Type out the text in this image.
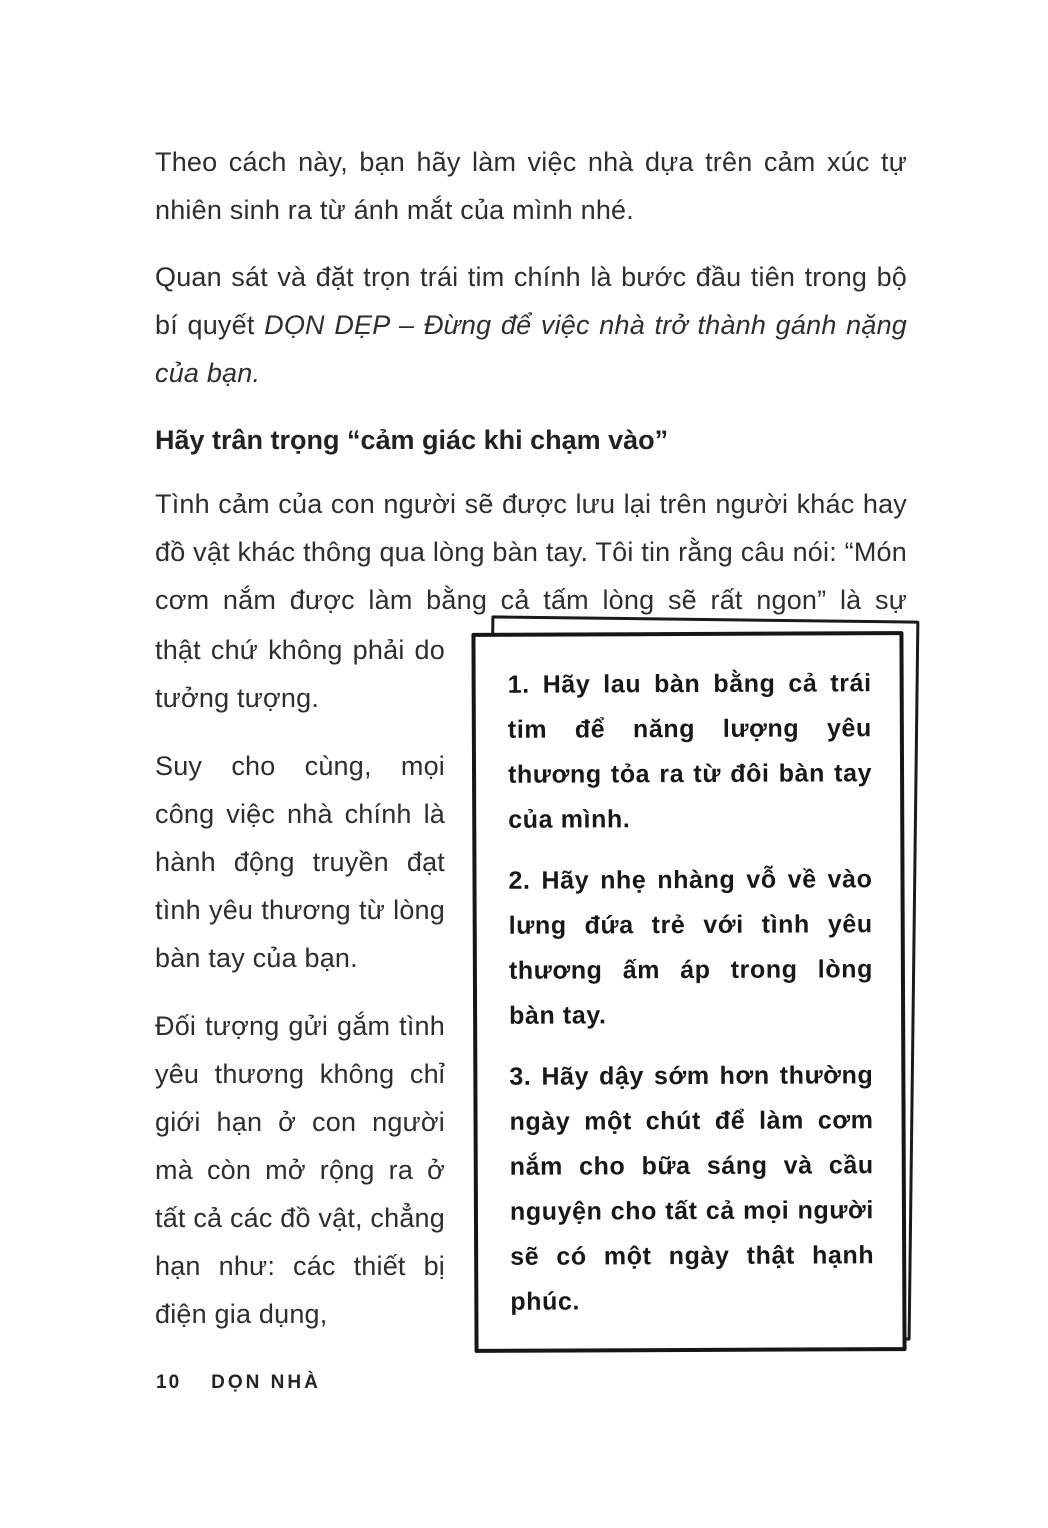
Theo cách này, bạn hãy làm việc nhà dựa trên cảm xúc tự nhiên sinh ra từ ánh mắt của mình nhé.

Quan sát và đặt trọn trái tim chính là bước đầu tiên trong bộ bí quyết DỌN DẸP – Đừng để việc nhà trở thành gánh nặng của bạn.

Hãy trân trọng “cảm giác khi chạm vào”

Tình cảm của con người sẽ được lưu lại trên người khác hay đồ vật khác thông qua lòng bàn tay. Tôi tin rằng câu nói: “Món cơm nắm được làm bằng cả tấm lòng sẽ rất ngon” là sự

thật chứ không phải do tưởng tượng.

Suy cho cùng, mọi công việc nhà chính là hành động truyền đạt tình yêu thương từ lòng bàn tay của bạn.

Đối tượng gửi gắm tình yêu thương không chỉ giới hạn ở con người mà còn mở rộng ra ở tất cả các đồ vật, chẳng hạn như: các thiết bị điện gia dụng,

1. Hãy lau bàn bằng cả trái tim để năng lượng yêu thương tỏa ra từ đôi bàn tay của mình.

2. Hãy nhẹ nhàng vỗ về vào lưng đứa trẻ với tình yêu thương ấm áp trong lòng bàn tay.

3. Hãy dậy sớm hơn thường ngày một chút để làm cơm nắm cho bữa sáng và cầu nguyện cho tất cả mọi người sẽ có một ngày thật hạnh phúc.

10 DỌN NHÀ
